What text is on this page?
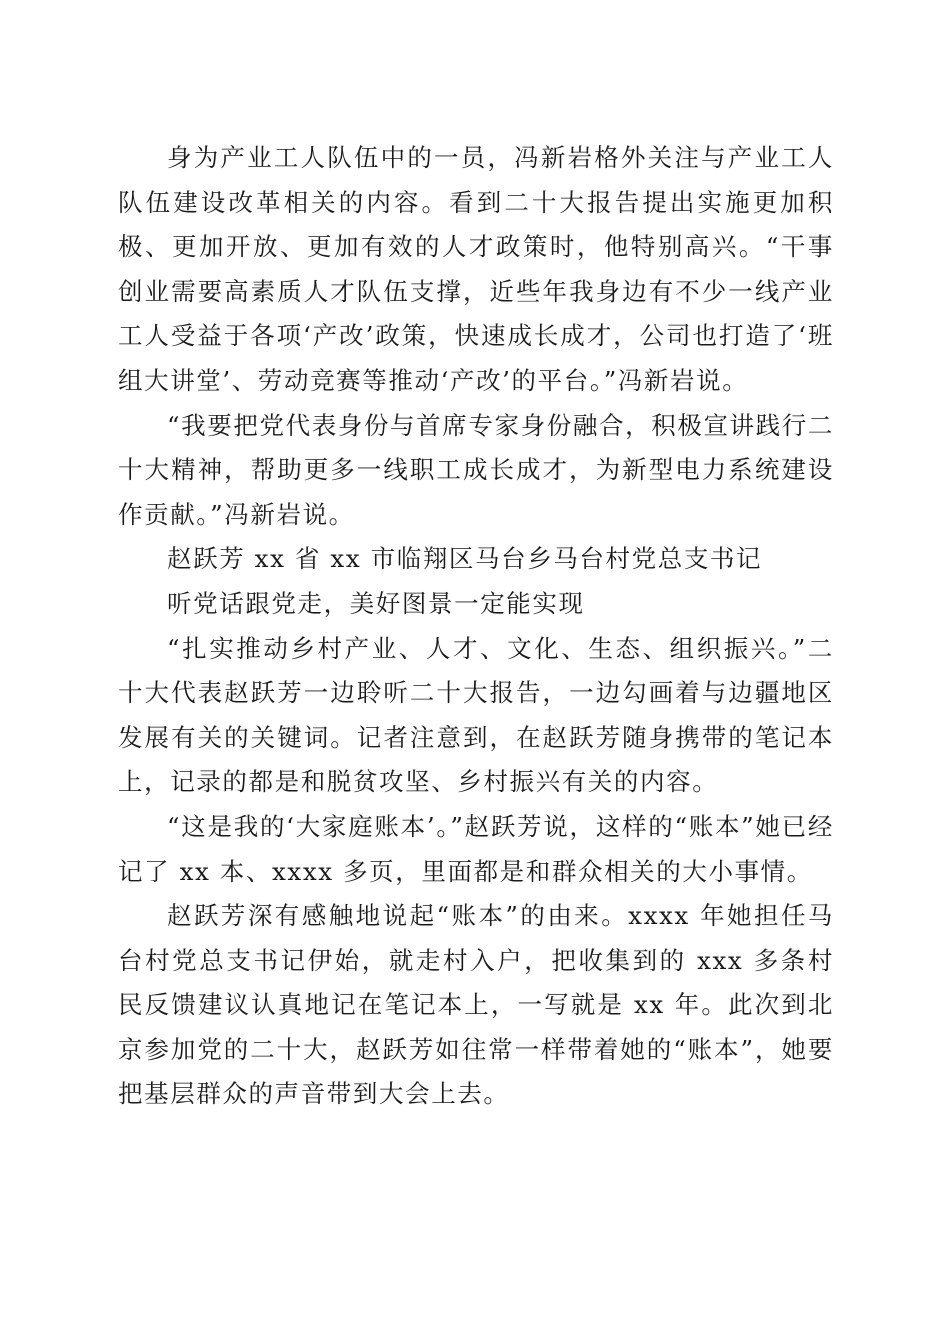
身为产业工人队伍中的一员，冯新岩格外关注与产业工人队伍建设改革相关的内容。看到二十大报告提出实施更加积极、更加开放、更加有效的人才政策时，他特别高兴。“干事创业需要高素质人才队伍支撑，近些年我身边有不少一线产业工人受益于各项‘产改’政策，快速成长成才，公司也打造了‘班组大讲堂’、劳动竞赛等推动‘产改’的平台。”冯新岩说。

“我要把党代表身份与首席专家身份融合，积极宣讲践行二十大精神，帮助更多一线职工成长成才，为新型电力系统建设作贡献。”冯新岩说。

赵跃芳 xx 省 xx 市临翔区马台乡马台村党总支书记

听党话跟党走，美好图景一定能实现

“扎实推动乡村产业、人才、文化、生态、组织振兴。”二十大代表赵跃芳一边聆听二十大报告，一边勾画着与边疆地区发展有关的关键词。记者注意到，在赵跃芳随身携带的笔记本上，记录的都是和脱贫攻坚、乡村振兴有关的内容。

“这是我的‘大家庭账本’。”赵跃芳说，这样的“账本”她已经记了 xx 本、xxxx 多页，里面都是和群众相关的大小事情。

赵跃芳深有感触地说起“账本”的由来。xxxx 年她担任马台村党总支书记伊始，就走村入户，把收集到的 xxx 多条村民反馈建议认真地记在笔记本上，一写就是 xx 年。此次到北京参加党的二十大，赵跃芳如往常一样带着她的“账本”，她要把基层群众的声音带到大会上去。
